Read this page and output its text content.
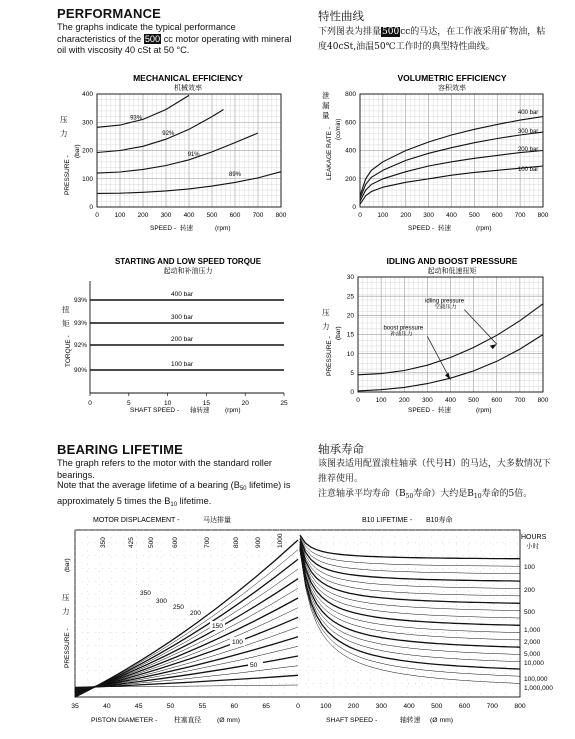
PERFORMANCE
The graphs indicate the typical performance characteristics of the 500 cc motor operating with mineral oil with viscosity 40 cSt at 50 °C.
特性曲线
下列图表为排量500cc的马达，在工作液采用矿物油，粘度40cSt,油温50℃工作时的典型特性曲线。
MECHANICAL EFFICIENCY
机械效率
0 100 200 300 400 500 600 700 800
0
100
200
300
400
93%
92%
91%
89%
压
力
PRESSURE -
(bar)
SPEED - 转速	(rpm)
VOLUMETRIC EFFICIENCY
容积效率
0 100 200 300 400 500 600 700 800
0
200
400
600
800
400 bar
300 bar
200 bar
100 bar
泄
漏
量
LEAKAGE RATE - (cc/min)
SPEED - 转速	(rpm)
STARTING AND LOW SPEED TORQUE
起动和补油压力
0	5	10	15	20	25
93%
400 bar
93%
300 bar
92%
200 bar
90%
100 bar
扭
矩
TORQUE -
SHAFT SPEED - 轴转速 (rpm)
IDLING AND BOOST PRESSURE
起动和低速扭矩
0 100 200 300 400 500 600 700 800
0
5
10
15
20
25
30
idling pressure
空载压力
boost pressure
补油压力
压
力
PRESSURE -
(bar)
SPEED - 转速	(rpm)
MOTOR DISPLACEMENT -	马达排量	B10 LIFETIME - B10寿命
HOURS
小时
35	40	45	50	55	60	65	0	100 200 300 400 500 600 700 800
350	425 500	600	700	800 900 1000
350
300
250
200
150
100
50
100
200
500
1,000
2,000
5,000
10,000
100,000
1,000,000
(bar)
压
力
PRESSURE -
PISTON DIAMETER - 柱塞直径 (Ø mm)	SHAFT SPEED -	轴转速 (Ø mm)
BEARING LIFETIME
The graph refers to the motor with the standard roller bearings.
Note that the average lifetime of a bearing ($B_{50}$ lifetime) is approximately 5 times the $B_{10}$ lifetime.
轴承寿命
该图表适用配置滚柱轴承（代号H）的马达，大多数情况下推荐使用。
注意轴承平均寿命（$B_{50}$寿命）大约是$B_{10}$寿命的5倍。
